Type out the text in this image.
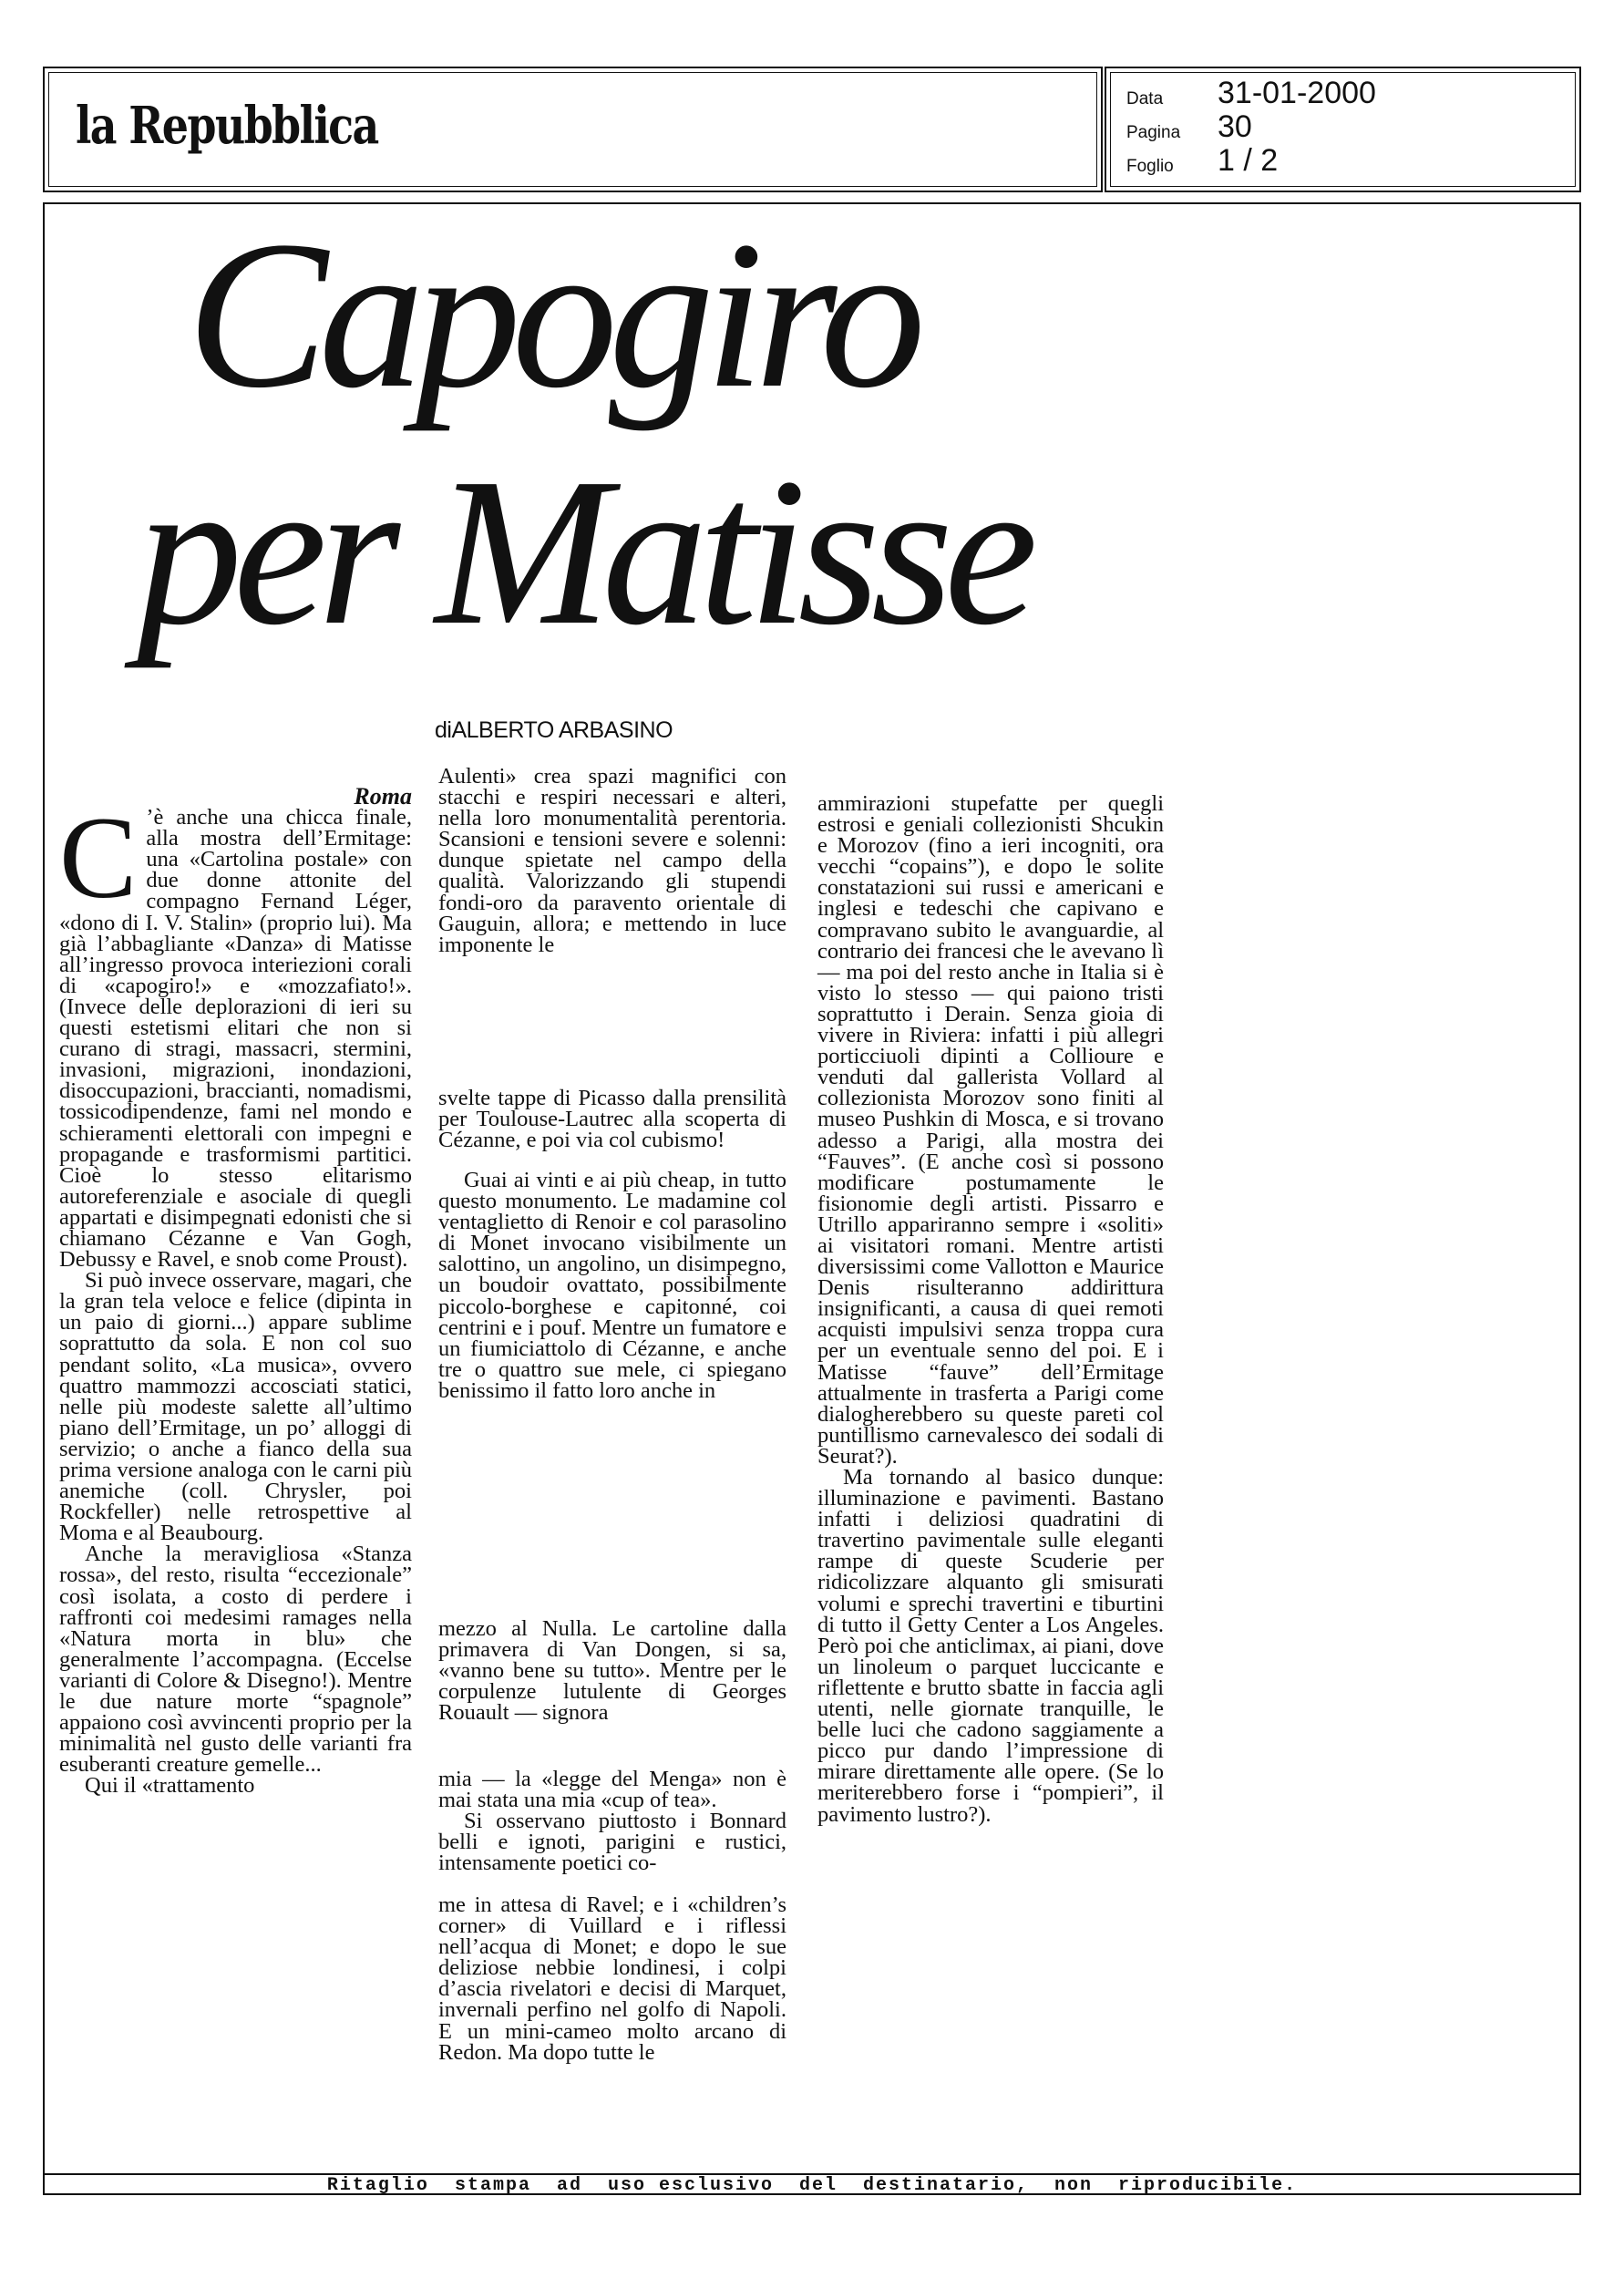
la Repubblica	Data 31-01-2000
Pagina 30
Foglio 1 / 2
Capogiro
per Matisse
diALBERTO ARBASINO

Roma

C ’è anche una chicca finale, alla mostra dell’Ermitage: una «Cartolina postale» con due donne attonite del compagno Fernand Léger, «dono di I. V. Stalin» (proprio lui). Ma già l’abbagliante «Danza» di Matisse all’ingresso provoca interiezioni corali di «capogiro!» e «mozzafiato!». (Invece delle deplorazioni di ieri su questi estetismi elitari che non si curano di stragi, massacri, stermini, invasioni, migrazioni, inondazioni, disoccupazioni, braccianti, nomadismi, tossicodipendenze, fami nel mondo e schieramenti elettorali con impegni e propagande e trasformismi partitici. Cioè lo stesso elitarismo autoreferenziale e asociale di quegli appartati e disimpegnati edonisti che si chiamano Cézanne e Van Gogh, Debussy e Ravel, e snob come Proust).

Si può invece osservare, magari, che la gran tela veloce e felice (dipinta in un paio di giorni...) appare sublime soprattutto da sola. E non col suo pendant solito, «La musica», ovvero quattro mammozzi accosciati statici, nelle più modeste salette all’ultimo piano dell’Ermitage, un po’ alloggi di servizio; o anche a fianco della sua prima versione analoga con le carni più anemiche (coll. Chrysler, poi Rockfeller) nelle retrospettive al Moma e al Beaubourg.

Anche la meravigliosa «Stanza rossa», del resto, risulta “eccezionale” così isolata, a costo di perdere i raffronti coi medesimi ramages nella «Natura morta in blu» che generalmente l’accompagna. (Eccelse varianti di Colore & Disegno!). Mentre le due nature morte “spagnole” appaiono così avvincenti proprio per la minimalità nel gusto delle varianti fra esuberanti creature gemelle...

Qui il «trattamento

Aulenti» crea spazi magnifici con stacchi e respiri necessari e alteri, nella loro monumentalità perentoria. Scansioni e tensioni severe e solenni: dunque spietate nel campo della qualità. Valorizzando gli stupendi fondi-oro da paravento orientale di Gauguin, allora; e mettendo in luce imponente le

svelte tappe di Picasso dalla prensilità per Toulouse-Lautrec alla scoperta di Cézanne, e poi via col cubismo!

Guai ai vinti e ai più cheap, in tutto questo monumento. Le madamine col ventaglietto di Renoir e col parasolino di Monet invocano visibilmente un salottino, un angolino, un disimpegno, un boudoir ovattato, possibilmente piccolo-borghese e capitonné, coi centrini e i pouf. Mentre un fumatore e un fiumiciattolo di Cézanne, e anche tre o quattro sue mele, ci spiegano benissimo il fatto loro anche in

mezzo al Nulla. Le cartoline dalla primavera di Van Dongen, si sa, «vanno bene su tutto». Mentre per le corpulenze lutulente di Georges Rouault — signora

mia — la «legge del Menga» non è mai stata una mia «cup of tea».

Si osservano piuttosto i Bonnard belli e ignoti, parigini e rustici, intensamente poetici co-

me in attesa di Ravel; e i «children’s corner» di Vuillard e i riflessi nell’acqua di Monet; e dopo le sue deliziose nebbie londinesi, i colpi d’ascia rivelatori e decisi di Marquet, invernali perfino nel golfo di Napoli. E un mini-cameo molto arcano di Redon. Ma dopo tutte le

ammirazioni stupefatte per quegli estrosi e geniali collezionisti Shcukin e Morozov (fino a ieri incogniti, ora vecchi “copains”), e dopo le solite constatazioni sui russi e americani e inglesi e tedeschi che capivano e compravano subito le avanguardie, al contrario dei francesi che le avevano lì — ma poi del resto anche in Italia si è visto lo stesso — qui paiono tristi soprattutto i Derain. Senza gioia di vivere in Riviera: infatti i più allegri porticciuoli dipinti a Collioure e venduti dal gallerista Vollard al collezionista Morozov sono finiti al museo Pushkin di Mosca, e si trovano adesso a Parigi, alla mostra dei “Fauves”. (E anche così si possono modificare postumamente le fisionomie degli artisti. Pissarro e Utrillo appariranno sempre i «soliti» ai visitatori romani. Mentre artisti diversissimi come Vallotton e Maurice Denis risulteranno addirittura insignificanti, a causa di quei remoti acquisti impulsivi senza troppa cura per un eventuale senno del poi. E i Matisse “fauve” dell’Ermitage attualmente in trasferta a Parigi come dialogherebbero su queste pareti col puntillismo carnevalesco dei sodali di Seurat?).

Ma tornando al basico dunque: illuminazione e pavimenti. Bastano infatti i deliziosi quadratini di travertino pavimentale sulle eleganti rampe di queste Scuderie per ridicolizzare alquanto gli smisurati volumi e sprechi travertini e tiburtini di tutto il Getty Center a Los Angeles. Però poi che anticlimax, ai piani, dove un linoleum o parquet luccicante e riflettente e brutto sbatte in faccia agli utenti, nelle giornate tranquille, le belle luci che cadono saggiamente a picco pur dando l’impressione di mirare direttamente alle opere. (Se lo meriterebbero forse i “pompieri”, il pavimento lustro?).

Ritaglio  stampa  ad  uso esclusivo  del  destinatario,  non  riproducibile.
